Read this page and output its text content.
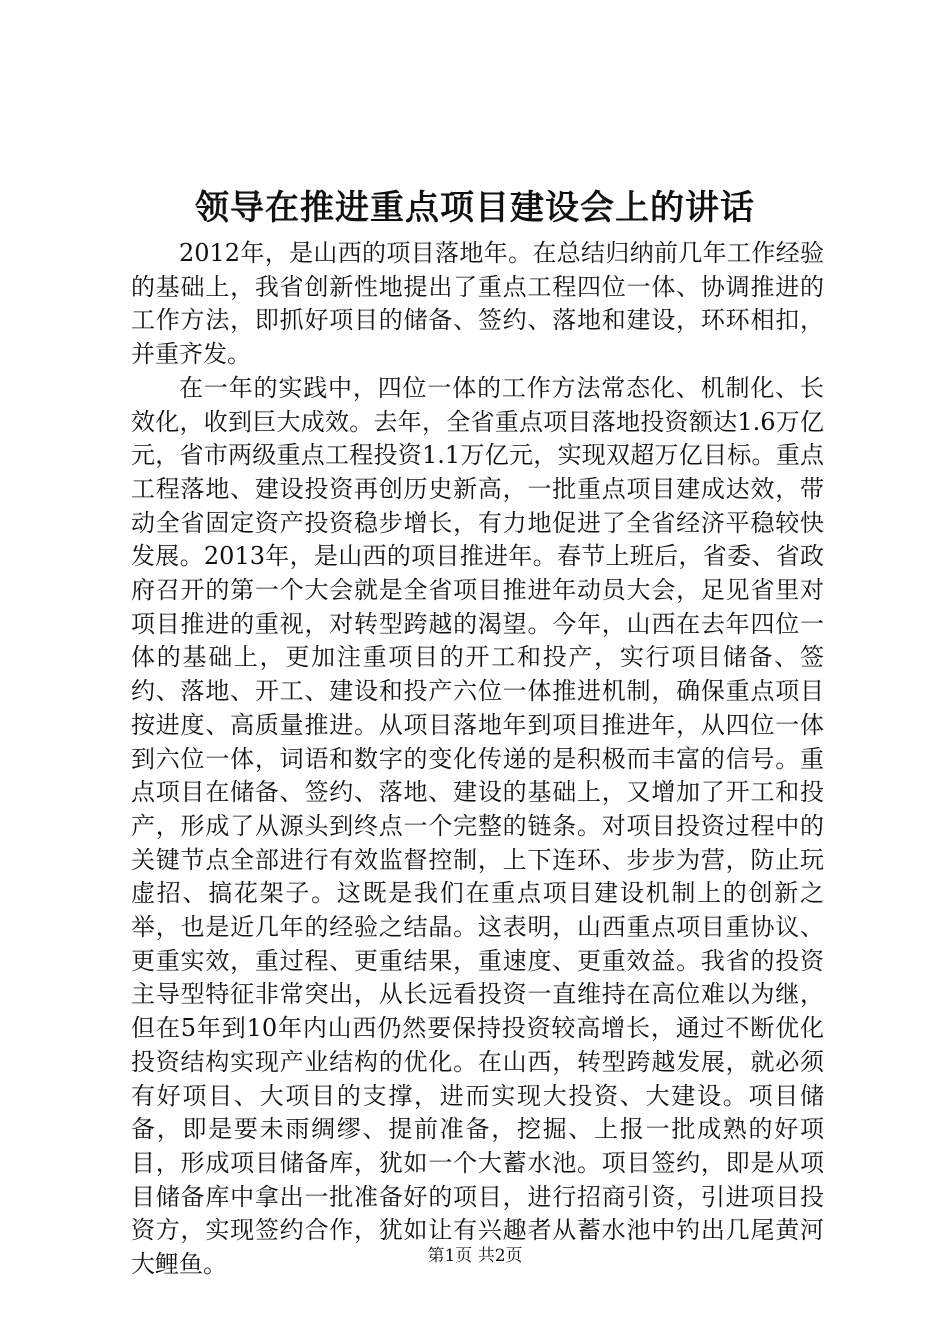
领导在推进重点项目建设会上的讲话

2012年，是山西的项目落地年。在总结归纳前几年工作经验的基础上，我省创新性地提出了重点工程四位一体、协调推进的工作方法，即抓好项目的储备、签约、落地和建设，环环相扣，并重齐发。

在一年的实践中，四位一体的工作方法常态化、机制化、长效化，收到巨大成效。去年，全省重点项目落地投资额达1.6万亿元，省市两级重点工程投资1.1万亿元，实现双超万亿目标。重点工程落地、建设投资再创历史新高，一批重点项目建成达效，带动全省固定资产投资稳步增长，有力地促进了全省经济平稳较快发展。2013年，是山西的项目推进年。春节上班后，省委、省政府召开的第一个大会就是全省项目推进年动员大会，足见省里对项目推进的重视，对转型跨越的渴望。今年，山西在去年四位一体的基础上，更加注重项目的开工和投产，实行项目储备、签约、落地、开工、建设和投产六位一体推进机制，确保重点项目按进度、高质量推进。从项目落地年到项目推进年，从四位一体到六位一体，词语和数字的变化传递的是积极而丰富的信号。重点项目在储备、签约、落地、建设的基础上，又增加了开工和投产，形成了从源头到终点一个完整的链条。对项目投资过程中的关键节点全部进行有效监督控制，上下连环、步步为营，防止玩虚招、搞花架子。这既是我们在重点项目建设机制上的创新之举，也是近几年的经验之结晶。这表明，山西重点项目重协议、更重实效，重过程、更重结果，重速度、更重效益。我省的投资主导型特征非常突出，从长远看投资一直维持在高位难以为继，但在5年到10年内山西仍然要保持投资较高增长，通过不断优化投资结构实现产业结构的优化。在山西，转型跨越发展，就必须有好项目、大项目的支撑，进而实现大投资、大建设。项目储备，即是要未雨绸缪、提前准备，挖掘、上报一批成熟的好项目，形成项目储备库，犹如一个大蓄水池。项目签约，即是从项目储备库中拿出一批准备好的项目，进行招商引资，引进项目投资方，实现签约合作，犹如让有兴趣者从蓄水池中钓出几尾黄河大鲤鱼。	第1页 共2页
